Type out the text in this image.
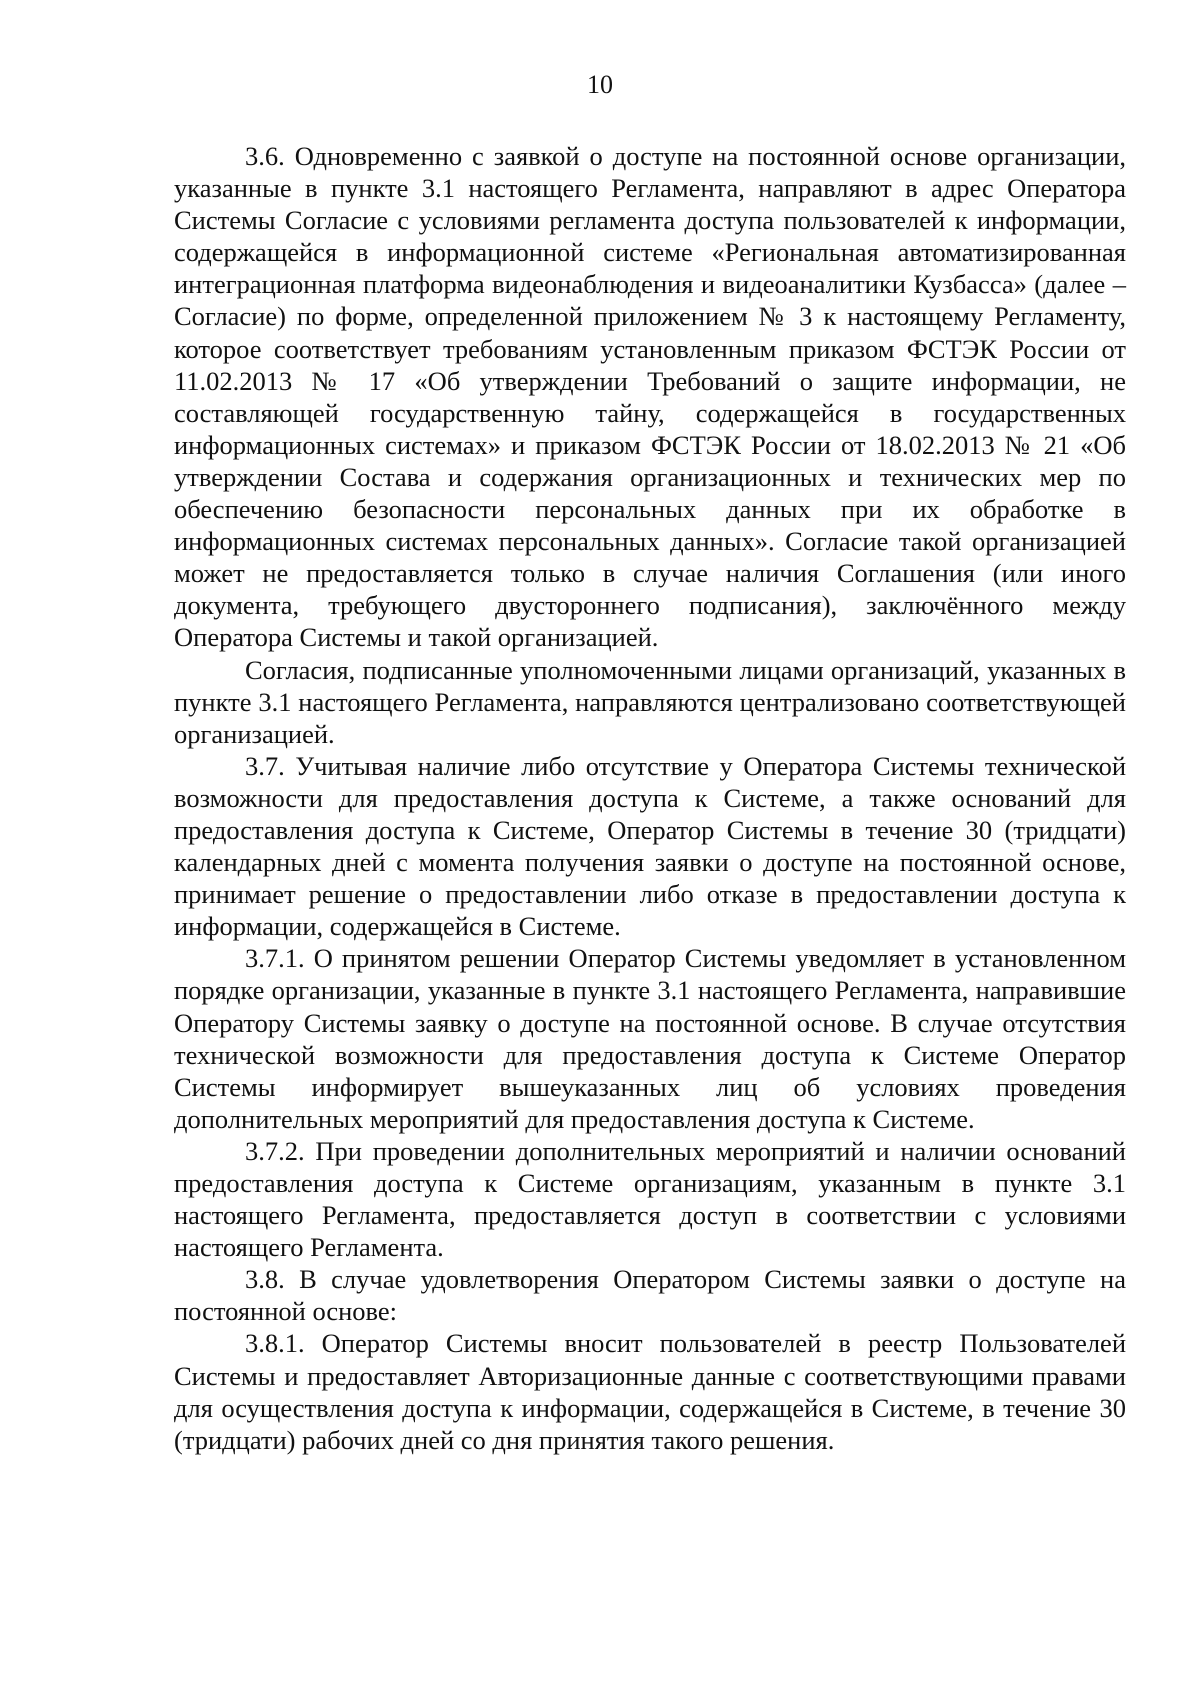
10

3.6. Одновременно с заявкой о доступе на постоянной основе организации, указанные в пункте 3.1 настоящего Регламента, направляют в адрес Оператора Системы Согласие с условиями регламента доступа пользователей к информации, содержащейся в информационной системе «Региональная автоматизированная интеграционная платформа видеонаблюдения и видеоаналитики Кузбасса» (далее – Согласие) по форме, определенной приложением № 3 к настоящему Регламенту, которое соответствует требованиям установленным приказом ФСТЭК России от 11.02.2013 № 17 «Об утверждении Требований о защите информации, не составляющей государственную тайну, содержащейся в государственных информационных системах» и приказом ФСТЭК России от 18.02.2013 № 21 «Об утверждении Состава и содержания организационных и технических мер по обеспечению безопасности персональных данных при их обработке в информационных системах персональных данных». Согласие такой организацией может не предоставляется только в случае наличия Соглашения (или иного документа, требующего двустороннего подписания), заключённого между Оператора Системы и такой организацией.

Согласия, подписанные уполномоченными лицами организаций, указанных в пункте 3.1 настоящего Регламента, направляются централизовано соответствующей организацией.

3.7. Учитывая наличие либо отсутствие у Оператора Системы технической возможности для предоставления доступа к Системе, а также оснований для предоставления доступа к Системе, Оператор Системы в течение 30 (тридцати) календарных дней с момента получения заявки о доступе на постоянной основе, принимает решение о предоставлении либо отказе в предоставлении доступа к информации, содержащейся в Системе.

3.7.1. О принятом решении Оператор Системы уведомляет в установленном порядке организации, указанные в пункте 3.1 настоящего Регламента, направившие Оператору Системы заявку о доступе на постоянной основе. В случае отсутствия технической возможности для предоставления доступа к Системе Оператор Системы информирует вышеуказанных лиц об условиях проведения дополнительных мероприятий для предоставления доступа к Системе.

3.7.2. При проведении дополнительных мероприятий и наличии оснований предоставления доступа к Системе организациям, указанным в пункте 3.1 настоящего Регламента, предоставляется доступ в соответствии с условиями настоящего Регламента.

3.8. В случае удовлетворения Оператором Системы заявки о доступе на постоянной основе:

3.8.1. Оператор Системы вносит пользователей в реестр Пользователей Системы и предоставляет Авторизационные данные с соответствующими правами для осуществления доступа к информации, содержащейся в Системе, в течение 30 (тридцати) рабочих дней со дня принятия такого решения.
